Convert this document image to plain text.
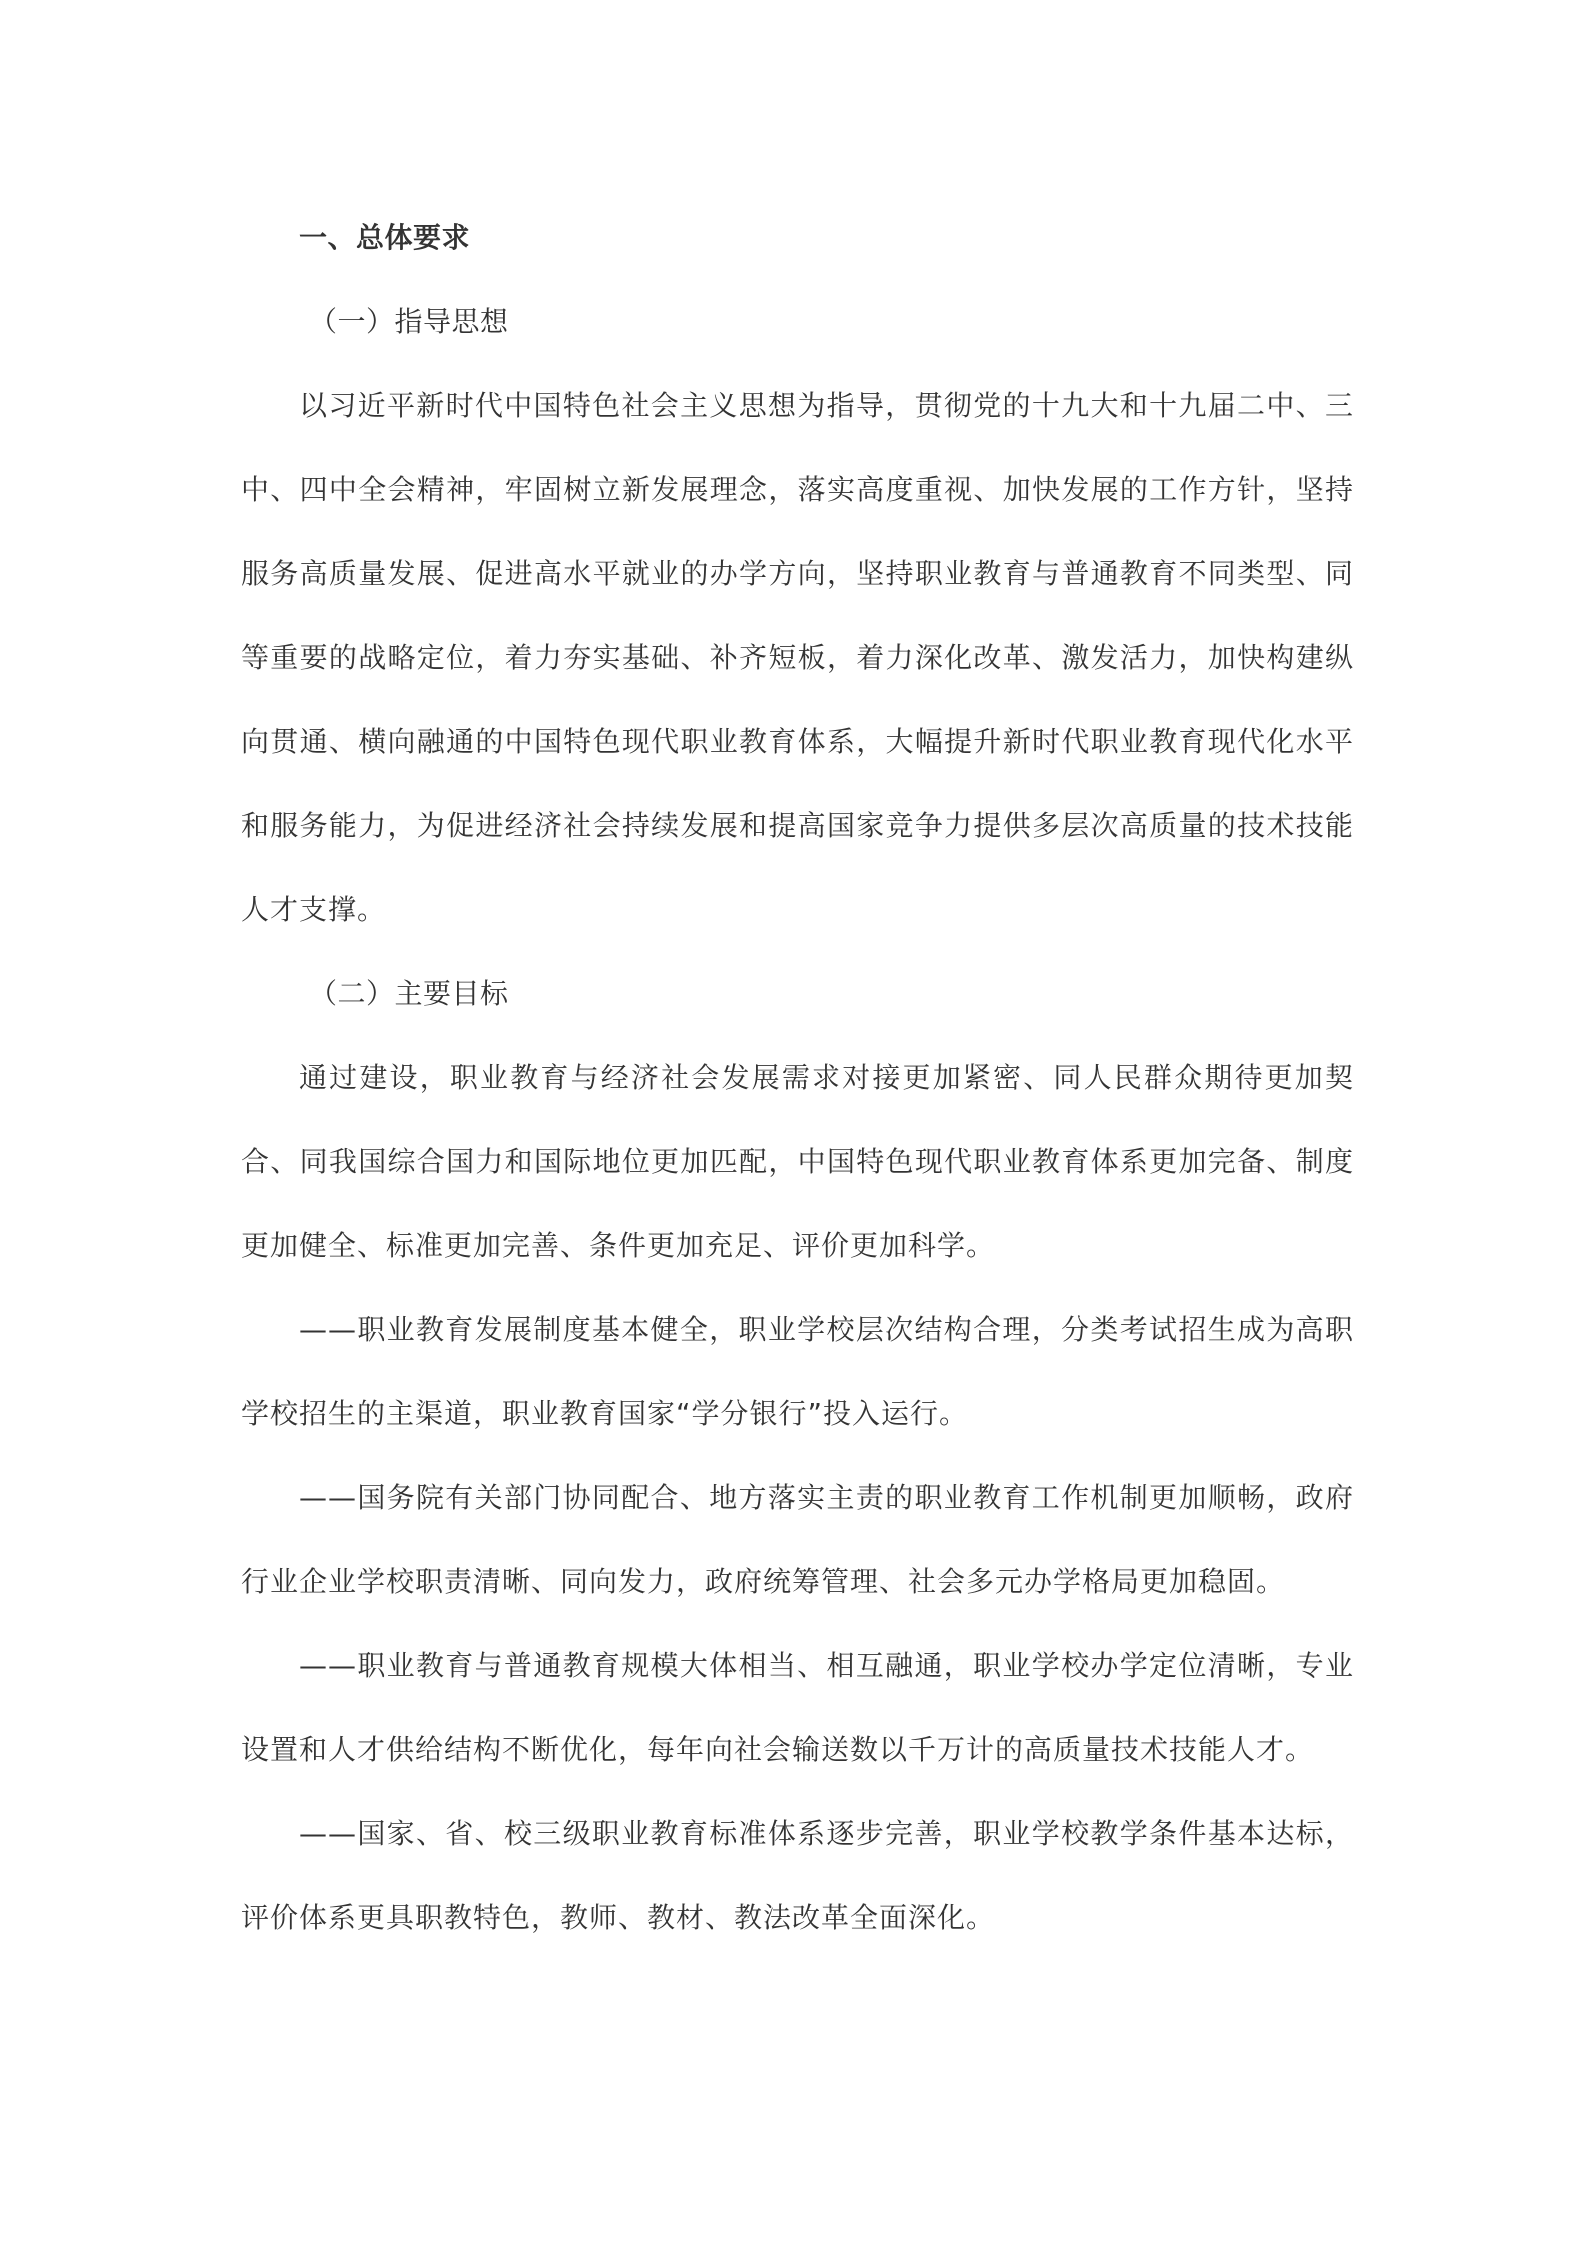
一、总体要求
（一）指导思想

以习近平新时代中国特色社会主义思想为指导，贯彻党的十九大和十九届二中、三中、四中全会精神，牢固树立新发展理念，落实高度重视、加快发展的工作方针，坚持服务高质量发展、促进高水平就业的办学方向，坚持职业教育与普通教育不同类型、同等重要的战略定位，着力夯实基础、补齐短板，着力深化改革、激发活力，加快构建纵向贯通、横向融通的中国特色现代职业教育体系，大幅提升新时代职业教育现代化水平和服务能力，为促进经济社会持续发展和提高国家竞争力提供多层次高质量的技术技能人才支撑。

（二）主要目标

通过建设，职业教育与经济社会发展需求对接更加紧密、同人民群众期待更加契合、同我国综合国力和国际地位更加匹配，中国特色现代职业教育体系更加完备、制度更加健全、标准更加完善、条件更加充足、评价更加科学。

——职业教育发展制度基本健全，职业学校层次结构合理，分类考试招生成为高职学校招生的主渠道，职业教育国家“学分银行”投入运行。

——国务院有关部门协同配合、地方落实主责的职业教育工作机制更加顺畅，政府行业企业学校职责清晰、同向发力，政府统筹管理、社会多元办学格局更加稳固。

——职业教育与普通教育规模大体相当、相互融通，职业学校办学定位清晰，专业设置和人才供给结构不断优化，每年向社会输送数以千万计的高质量技术技能人才。

——国家、省、校三级职业教育标准体系逐步完善，职业学校教学条件基本达标，评价体系更具职教特色，教师、教材、教法改革全面深化。
